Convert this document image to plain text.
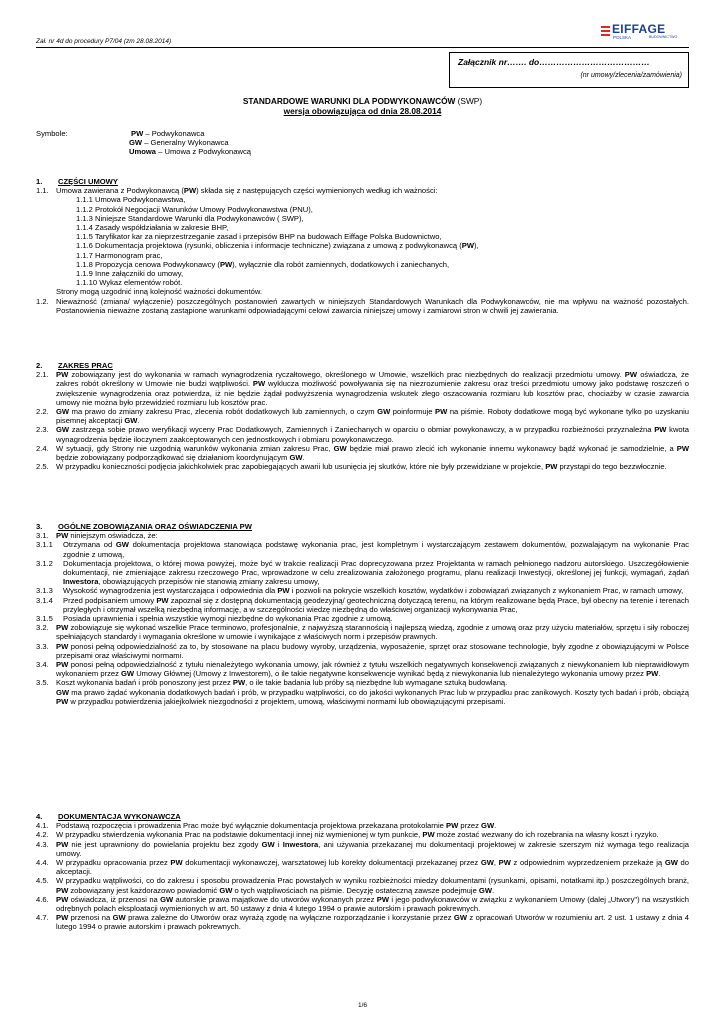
Zał. nr 4d do procedury P7/04 (zm 28.08.2014)
EIFFAGE
POLSKA	BUDOWNICTWO
Załącznik nr……. do…………………………………
(nr umowy/zlecenia/zamówienia)
STANDARDOWE WARUNKI DLA PODWYKONAWCÓW (SWP)
wersja obowiązująca od dnia 28.08.2014
Symbole:	PW – Podwykonawca
GW – Generalny Wykonawca
Umowa – Umowa z Podwykonawcą
1. CZĘŚCI UMOWY
1.1. Umowa zawierana z Podwykonawcą (PW) składa się z następujących części wymienionych według ich ważności:
1.1.1 Umowa Podwykonawstwa,
1.1.2 Protokół Negocjacji Warunków Umowy Podwykonawstwa (PNU),
1.1.3 Niniejsze Standardowe Warunki dla Podwykonawców ( SWP),
1.1.4 Zasady współdziałania w zakresie BHP,
1.1.5 Taryfikator kar za nieprzestrzeganie zasad i przepisów BHP na budowach Eiffage Polska Budownictwo,
1.1.6 Dokumentacja projektowa (rysunki, obliczenia i informacje techniczne) związana z umową z podwykonawcą (PW),
1.1.7 Harmonogram prac,
1.1.8 Propozycja cenowa Podwykonawcy (PW), wyłącznie dla robót zamiennych, dodatkowych i zaniechanych,
1.1.9 Inne załączniki do umowy,
1.1.10 Wykaz elementów robót.
Strony mogą uzgodnić inną kolejność ważności dokumentów.
1.2. Nieważność (zmiana/ wyłączenie) poszczególnych postanowień zawartych w niniejszych Standardowych Warunkach dla Podwykonawców, nie ma wpływu na ważność pozostałych. Postanowienia nieważne zostaną zastąpione warunkami odpowiadającymi celowi zawarcia niniejszej umowy i zamiarowi stron w chwili jej zawierania.
2. ZAKRES PRAC
2.1. PW zobowiązany jest do wykonania w ramach wynagrodzenia ryczałtowego, określonego w Umowie, wszelkich prac niezbędnych do realizacji przedmiotu umowy. PW oświadcza, że zakres robót określony w Umowie nie budzi wątpliwości. PW wyklucza możliwość powoływania się na niezrozumienie zakresu oraz treści przedmiotu umowy jako podstawę roszczeń o zwiększenie wynagrodzenia oraz potwierdza, iż nie będzie żądał podwyższenia wynagrodzenia wskutek złego oszacowania rozmiaru lub kosztów prac, chociażby w czasie zawarcia umowy nie można było przewidzieć rozmiaru lub kosztów prac.
2.2. GW ma prawo do zmiany zakresu Prac, zlecenia robót dodatkowych lub zamiennych, o czym GW poinformuje PW na piśmie. Roboty dodatkowe mogą być wykonane tylko po uzyskaniu pisemnej akceptacji GW.
2.3. GW zastrzega sobie prawo weryfikacji wyceny Prac Dodatkowych, Zamiennych i Zaniechanych w oparciu o obmiar powykonawczy, a w przypadku rozbieżności przyznaleźna PW kwota wynagrodzenia będzie iloczynem zaakceptowanych cen jednostkowych i obmiaru powykonawczego.
2.4. W sytuacji, gdy Strony nie uzgodnią warunków wykonania zmian zakresu Prac, GW będzie miał prawo zlecić ich wykonanie innemu wykonawcy bądź wykonać je samodzielnie, a PW będzie zobowiązany podporządkować się działaniom koordynującym GW.
2.5. W przypadku konieczności podjęcia jakichkolwiek prac zapobiegających awarii lub usunięcia jej skutków, które nie były przewidziane w projekcie, PW przystąpi do tego bezzwłocznie.
3. OGÓLNE ZOBOWIĄZANIA ORAZ OŚWIADCZENIA PW
3.1. PW niniejszym oświadcza, że:
3.1.1 Otrzymana od GW dokumentacja projektowa stanowiąca podstawę wykonania prac, jest kompletnym i wystarczającym zestawem dokumentów, pozwalającym na wykonanie Prac zgodnie z umową,
3.1.2 Dokumentacja projektowa, o której mowa powyżej, może być w trakcie realizacji Prac doprecyzowana przez Projektanta w ramach pełnionego nadzoru autorskiego. Uszczegółowienie dokumentacji, nie zmieniające zakresu rzeczowego Prac, wprowadzone w celu zrealizowania założonego programu, planu realizacji Inwestycji, określonej jej funkcji, wymagań, żądań Inwestora, obowiązujących przepisów nie stanowią zmiany zakresu umowy,
3.1.3 Wysokość wynagrodzenia jest wystarczająca i odpowiednia dla PW i pozwoli na pokrycie wszelkich kosztów, wydatków i zobowiązań związanych z wykonaniem Prac, w ramach umowy,
3.1.4 Przed podpisaniem umowy PW zapoznał się z dostępną dokumentacją geodezyjną/ geotechniczną dotyczącą terenu, na którym realizowane będą Prace, był obecny na terenie i terenach przyległych i otrzymał wszelką niezbędną informację, a w szczególności wiedzę niezbędną do właściwej organizacji wykonywania Prac,
3.1.5 Posiada uprawnienia i spełnia wszystkie wymogi niezbędne do wykonania Prac zgodnie z umową.
3.2. PW zobowiązuje się wykonać wszelkie Prace terminowo, profesjonalnie, z najwyższą starannością i najlepszą wiedzą, zgodnie z umową oraz przy użyciu materiałów, sprzętu i siły roboczej spełniających standardy i wymagania określone w umowie i wynikające z właściwych norm i przepisów prawnych.
3.3. PW ponosi pełną odpowiedzialność za to, by stosowane na placu budowy wyroby, urządzenia, wyposażenie, sprzęt oraz stosowane technologie, były zgodne z obowiązującymi w Polsce przepisami oraz właściwymi normami.
3.4. PW ponosi pełną odpowiedzialność z tytułu nienależytego wykonania umowy, jak również z tytułu wszelkich negatywnych konsekwencji związanych z niewykonaniem lub nieprawidłowym wykonaniem przez GW Umowy Głównej (Umowy z Inwestorem), o ile takie negatywne konsekwencje wynikać będą z niewykonania lub nienależytego wykonania umowy przez PW.
3.5. Koszt wykonania badań i prób ponoszony jest przez PW, o ile takie badania lub próby są niezbędne lub wymagane sztuką budowlaną.
GW ma prawo żądać wykonania dodatkowych badań i prób, w przypadku wątpliwości, co do jakości wykonanych Prac lub w przypadku prac zanikowych. Koszty tych badań i prób, obciążą PW w przypadku potwierdzenia jakiejkolwiek niezgodności z projektem, umową, właściwymi normami lub obowiązującymi przepisami.
4. DOKUMENTACJA WYKONAWCZA
4.1. Podstawą rozpoczęcia i prowadzenia Prac może być wyłącznie dokumentacja projektowa przekazana protokolarnie PW przez GW.
4.2. W przypadku stwierdzenia wykonania Prac na podstawie dokumentacji innej niż wymienionej w tym punkcie, PW może zostać wezwany do ich rozebrania na własny koszt i ryzyko.
4.3. PW nie jest uprawniony do powielania projektu bez zgody GW i Inwestora, ani używania przekazanej mu dokumentacji projektowej w zakresie szerszym niż wymaga tego realizacja umowy.
4.4. W przypadku opracowania przez PW dokumentacji wykonawczej, warsztatowej lub korekty dokumentacji przekazanej przez GW, PW z odpowiednim wyprzedzeniem przekaże ją GW do akceptacji.
4.5. W przypadku wątpliwości, co do zakresu i sposobu prowadzenia Prac powstałych w wyniku rozbieżności miedzy dokumentami (rysunkami, opisami, notatkami itp.) poszczególnych branż, PW zobowiązany jest każdorazowo powiadomić GW o tych wątpliwościach na piśmie. Decyzję ostateczną zawsze podejmuje GW.
4.6. PW oświadcza, iż przenosi na GW autorskie prawa majątkowe do utworów wykonanych przez PW i jego podwykonawców w związku z wykonaniem Umowy (dalej „Utwory") na wszystkich odrębnych polach eksploatacji wymienionych w art. 50 ustawy z dnia 4 lutego 1994 o prawie autorskim i prawach pokrewnych.
4.7. PW przenosi na GW prawa zależne do Utworów oraz wyrażą zgodę na wyłączne rozporządzanie i korzystanie przez GW z opracowań Utworów w rozumieniu art. 2 ust. 1 ustawy z dnia 4 lutego 1994 o prawie autorskim i prawach pokrewnych.
1/6
